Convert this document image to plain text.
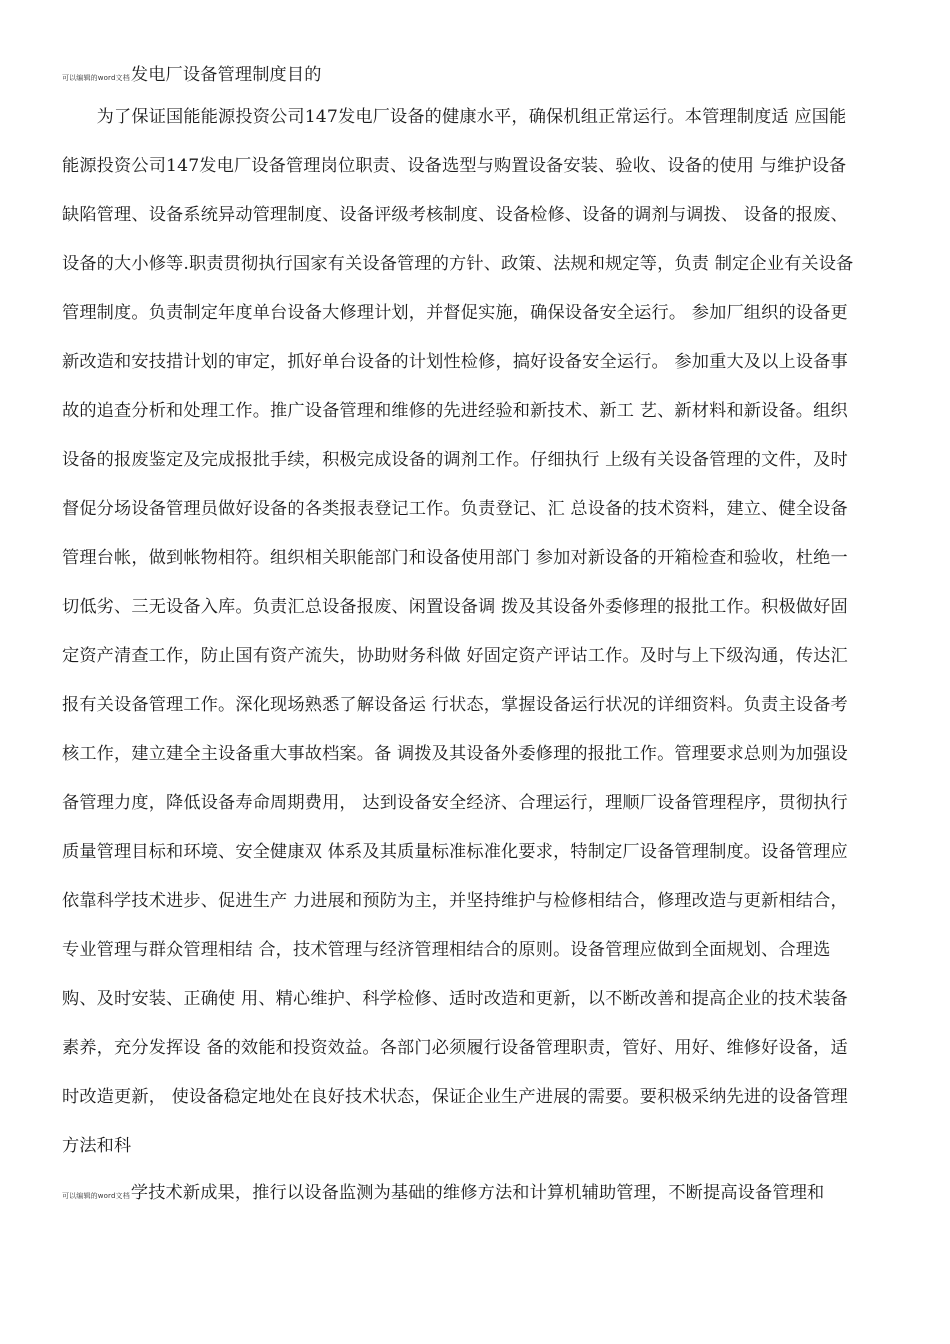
可以编辑的word文档发电厂设备管理制度目的
　　为了保证国能能源投资公司147发电厂设备的健康水平，确保机组正常运行。本管理制度适 应国能
能源投资公司147发电厂设备管理岗位职责、设备选型与购置设备安装、验收、设备的使用 与维护设备
缺陷管理、设备系统异动管理制度、设备评级考核制度、设备检修、设备的调剂与调拨、 设备的报废、
设备的大小修等.职责贯彻执行国家有关设备管理的方针、政策、法规和规定等，负责 制定企业有关设备
管理制度。负责制定年度单台设备大修理计划，并督促实施，确保设备安全运行。 参加厂组织的设备更
新改造和安技措计划的审定，抓好单台设备的计划性检修，搞好设备安全运行。 参加重大及以上设备事
故的追查分析和处理工作。推广设备管理和维修的先进经验和新技术、新工 艺、新材料和新设备。组织
设备的报废鉴定及完成报批手续，积极完成设备的调剂工作。仔细执行 上级有关设备管理的文件，及时
督促分场设备管理员做好设备的各类报表登记工作。负责登记、汇 总设备的技术资料，建立、健全设备
管理台帐，做到帐物相符。组织相关职能部门和设备使用部门 参加对新设备的开箱检查和验收，杜绝一
切低劣、三无设备入库。负责汇总设备报废、闲置设备调 拨及其设备外委修理的报批工作。积极做好固
定资产清查工作，防止国有资产流失，协助财务科做 好固定资产评诂工作。及时与上下级沟通，传达汇
报有关设备管理工作。深化现场熟悉了解设备运 行状态，掌握设备运行状况的详细资料。负责主设备考
核工作，建立建全主设备重大事故档案。备 调拨及其设备外委修理的报批工作。管理要求总则为加强设
备管理力度，降低设备寿命周期费用， 达到设备安全经济、合理运行，理顺厂设备管理程序，贯彻执行
质量管理目标和环境、安全健康双 体系及其质量标准标准化要求，特制定厂设备管理制度。设备管理应
依靠科学技术进步、促进生产 力进展和预防为主，并坚持维护与检修相结合，修理改造与更新相结合，
专业管理与群众管理相结 合，技术管理与经济管理相结合的原则。设备管理应做到全面规划、合理选
购、及时安装、正确使 用、精心维护、科学检修、适时改造和更新，以不断改善和提高企业的技术装备
素养，充分发挥设 备的效能和投资效益。各部门必须履行设备管理职责，管好、用好、维修好设备，适
时改造更新， 使设备稳定地处在良好技术状态，保证企业生产进展的需要。要积极采纳先进的设备管理
方法和科
可以编辑的word文档学技术新成果，推行以设备监测为基础的维修方法和计算机辅助管理，不断提高设备管理和
